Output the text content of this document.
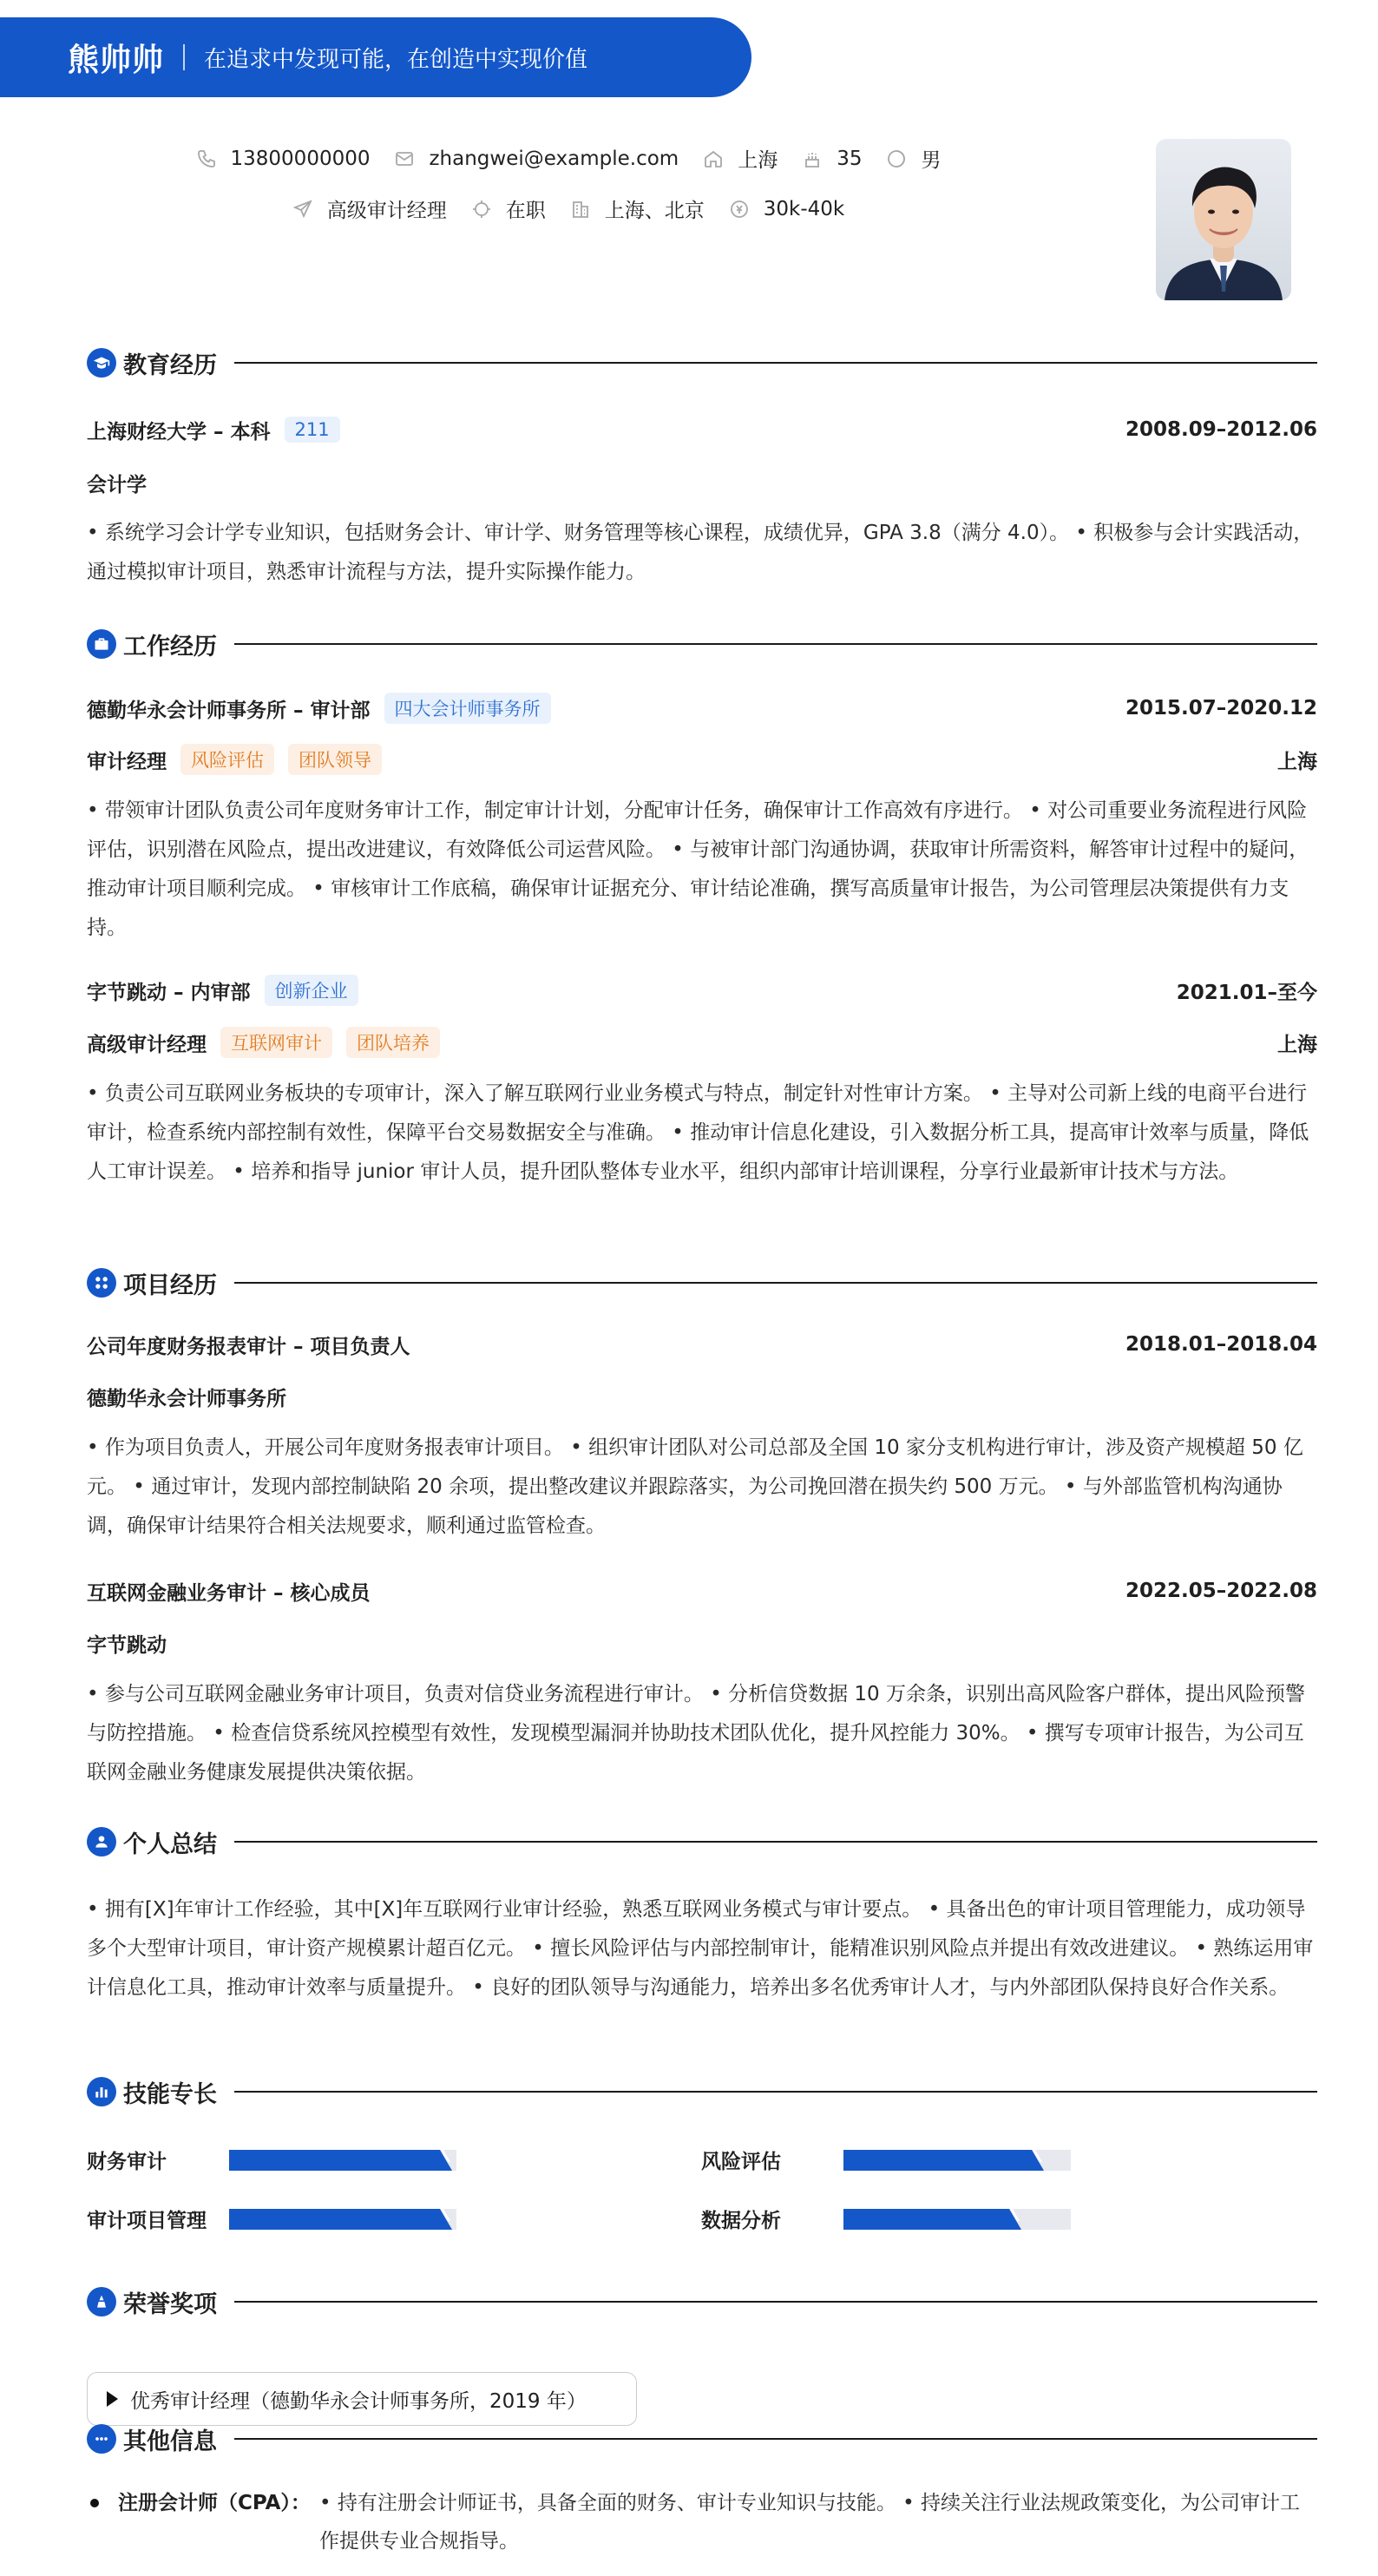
熊帅帅 在追求中发现可能，在创造中实现价值
13800000000	zhangwei@example.com	上海	35	男
高级审计经理	在职	上海、北京	30k-40k
教育经历
上海财经大学 – 本科	211	2008.09–2012.06
会计学
• 系统学习会计学专业知识，包括财务会计、审计学、财务管理等核心课程，成绩优异，GPA 3.8（满分 4.0）。 • 积极参与会计实践活动，通过模拟审计项目，熟悉审计流程与方法，提升实际操作能力。
工作经历
德勤华永会计师事务所 – 审计部	四大会计师事务所	2015.07–2020.12
审计经理	风险评估	团队领导	上海
• 带领审计团队负责公司年度财务审计工作，制定审计计划，分配审计任务，确保审计工作高效有序进行。 • 对公司重要业务流程进行风险评估，识别潜在风险点，提出改进建议，有效降低公司运营风险。 • 与被审计部门沟通协调，获取审计所需资料，解答审计过程中的疑问，推动审计项目顺利完成。 • 审核审计工作底稿，确保审计证据充分、审计结论准确，撰写高质量审计报告，为公司管理层决策提供有力支持。
字节跳动 – 内审部	创新企业	2021.01–至今
高级审计经理	互联网审计	团队培养	上海
• 负责公司互联网业务板块的专项审计，深入了解互联网行业业务模式与特点，制定针对性审计方案。 • 主导对公司新上线的电商平台进行审计，检查系统内部控制有效性，保障平台交易数据安全与准确。 • 推动审计信息化建设，引入数据分析工具，提高审计效率与质量，降低人工审计误差。 • 培养和指导 junior 审计人员，提升团队整体专业水平，组织内部审计培训课程，分享行业最新审计技术与方法。
项目经历
公司年度财务报表审计 – 项目负责人	2018.01–2018.04
德勤华永会计师事务所
• 作为项目负责人，开展公司年度财务报表审计项目。 • 组织审计团队对公司总部及全国 10 家分支机构进行审计，涉及资产规模超 50 亿元。 • 通过审计，发现内部控制缺陷 20 余项，提出整改建议并跟踪落实，为公司挽回潜在损失约 500 万元。 • 与外部监管机构沟通协调，确保审计结果符合相关法规要求，顺利通过监管检查。
互联网金融业务审计 – 核心成员	2022.05–2022.08
字节跳动
• 参与公司互联网金融业务审计项目，负责对信贷业务流程进行审计。 • 分析信贷数据 10 万余条，识别出高风险客户群体，提出风险预警与防控措施。 • 检查信贷系统风控模型有效性，发现模型漏洞并协助技术团队优化，提升风控能力 30%。 • 撰写专项审计报告，为公司互联网金融业务健康发展提供决策依据。
个人总结
• 拥有[X]年审计工作经验，其中[X]年互联网行业审计经验，熟悉互联网业务模式与审计要点。 • 具备出色的审计项目管理能力，成功领导多个大型审计项目，审计资产规模累计超百亿元。 • 擅长风险评估与内部控制审计，能精准识别风险点并提出有效改进建议。 • 熟练运用审计信息化工具，推动审计效率与质量提升。 • 良好的团队领导与沟通能力，培养出多名优秀审计人才，与内外部团队保持良好合作关系。
技能专长
财务审计	风险评估
审计项目管理	数据分析
荣誉奖项
优秀审计经理（德勤华永会计师事务所，2019 年）
其他信息
注册会计师（CPA）： • 持有注册会计师证书，具备全面的财务、审计专业知识与技能。 • 持续关注行业法规政策变化，为公司审计工作提供专业合规指导。
